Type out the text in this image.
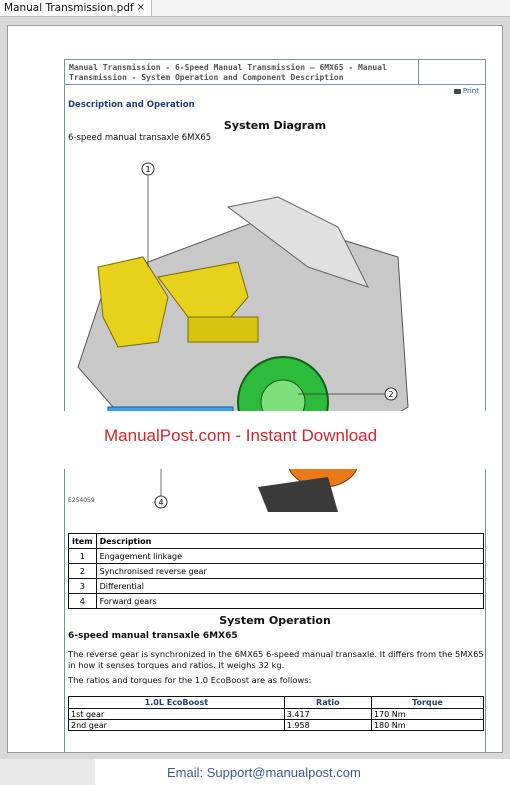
Manual Transmission.pdf ×
Manual Transmission - 6-Speed Manual Transmission – 6MX65 - Manual Transmission - System Operation and Component Description
Print
Description and Operation
System Diagram
6-speed manual transaxle 6MX65
1
2
4
E254059
Item	Description
1	Engagement linkage
2	Synchronised reverse gear
3	Differential
4	Forward gears
System Operation
6-speed manual transaxle 6MX65
The reverse gear is synchronized in the 6MX65 6-speed manual transaxle. It differs from the 5MX65 in how it senses torques and ratios. It weighs 32 kg.
The ratios and torques for the 1.0 EcoBoost are as follows:
1.0L EcoBoost	Ratio	Torque
1st gear	3.417	170 Nm
2nd gear	1.958	180 Nm
ManualPost.com - Instant Download
Email: Support@manualpost.com
